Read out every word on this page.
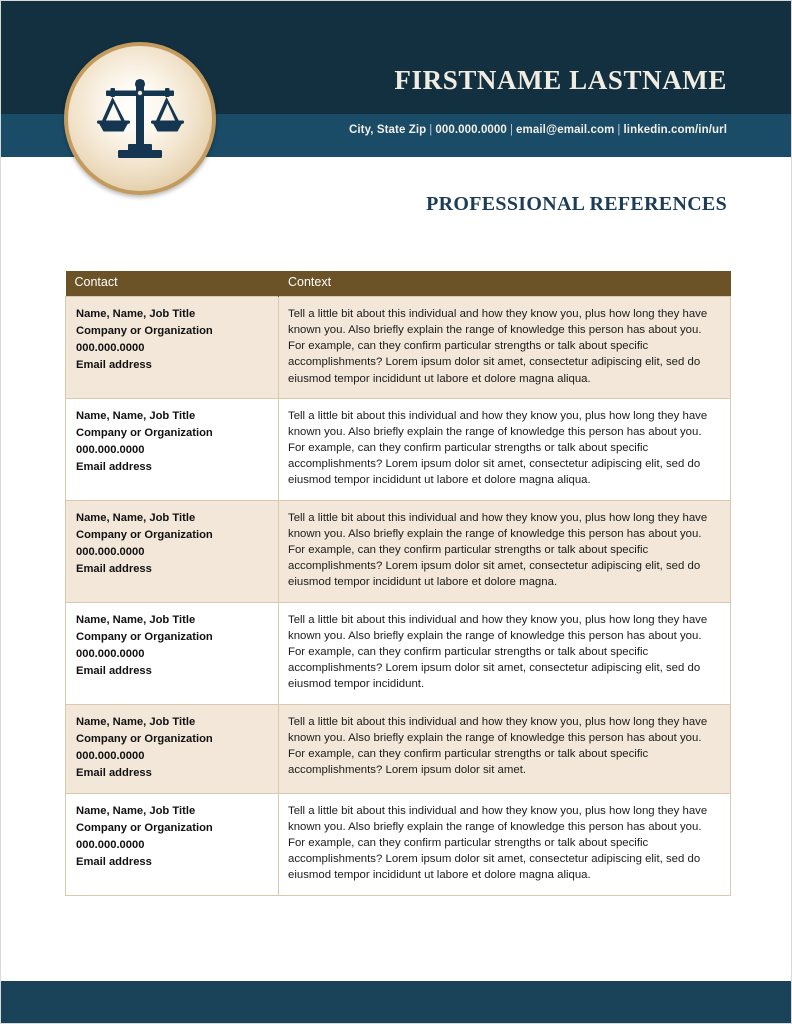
FIRSTNAME LASTNAME
City, State Zip | 000.000.0000 | email@email.com | linkedin.com/in/url
PROFESSIONAL REFERENCES
Contact	Context

Name, Name, Job Title
Company or Organization
000.000.0000
Email address
	Tell a little bit about this individual and how they know you, plus how long they have known you. Also briefly explain the range of knowledge this person has about you. For example, can they confirm particular strengths or talk about specific accomplishments? Lorem ipsum dolor sit amet, consectetur adipiscing elit, sed do eiusmod tempor incididunt ut labore et dolore magna aliqua.

Name, Name, Job Title
Company or Organization
000.000.0000
Email address
	Tell a little bit about this individual and how they know you, plus how long they have known you. Also briefly explain the range of knowledge this person has about you. For example, can they confirm particular strengths or talk about specific accomplishments? Lorem ipsum dolor sit amet, consectetur adipiscing elit, sed do eiusmod tempor incididunt ut labore et dolore magna aliqua.

Name, Name, Job Title
Company or Organization
000.000.0000
Email address
	Tell a little bit about this individual and how they know you, plus how long they have known you. Also briefly explain the range of knowledge this person has about you. For example, can they confirm particular strengths or talk about specific accomplishments? Lorem ipsum dolor sit amet, consectetur adipiscing elit, sed do eiusmod tempor incididunt ut labore et dolore magna.

Name, Name, Job Title
Company or Organization
000.000.0000
Email address
	Tell a little bit about this individual and how they know you, plus how long they have known you. Also briefly explain the range of knowledge this person has about you. For example, can they confirm particular strengths or talk about specific accomplishments? Lorem ipsum dolor sit amet, consectetur adipiscing elit, sed do eiusmod tempor incididunt.

Name, Name, Job Title
Company or Organization
000.000.0000
Email address
	Tell a little bit about this individual and how they know you, plus how long they have known you. Also briefly explain the range of knowledge this person has about you. For example, can they confirm particular strengths or talk about specific accomplishments? Lorem ipsum dolor sit amet.

Name, Name, Job Title
Company or Organization
000.000.0000
Email address
	Tell a little bit about this individual and how they know you, plus how long they have known you. Also briefly explain the range of knowledge this person has about you. For example, can they confirm particular strengths or talk about specific accomplishments? Lorem ipsum dolor sit amet, consectetur adipiscing elit, sed do eiusmod tempor incididunt ut labore et dolore magna aliqua.
